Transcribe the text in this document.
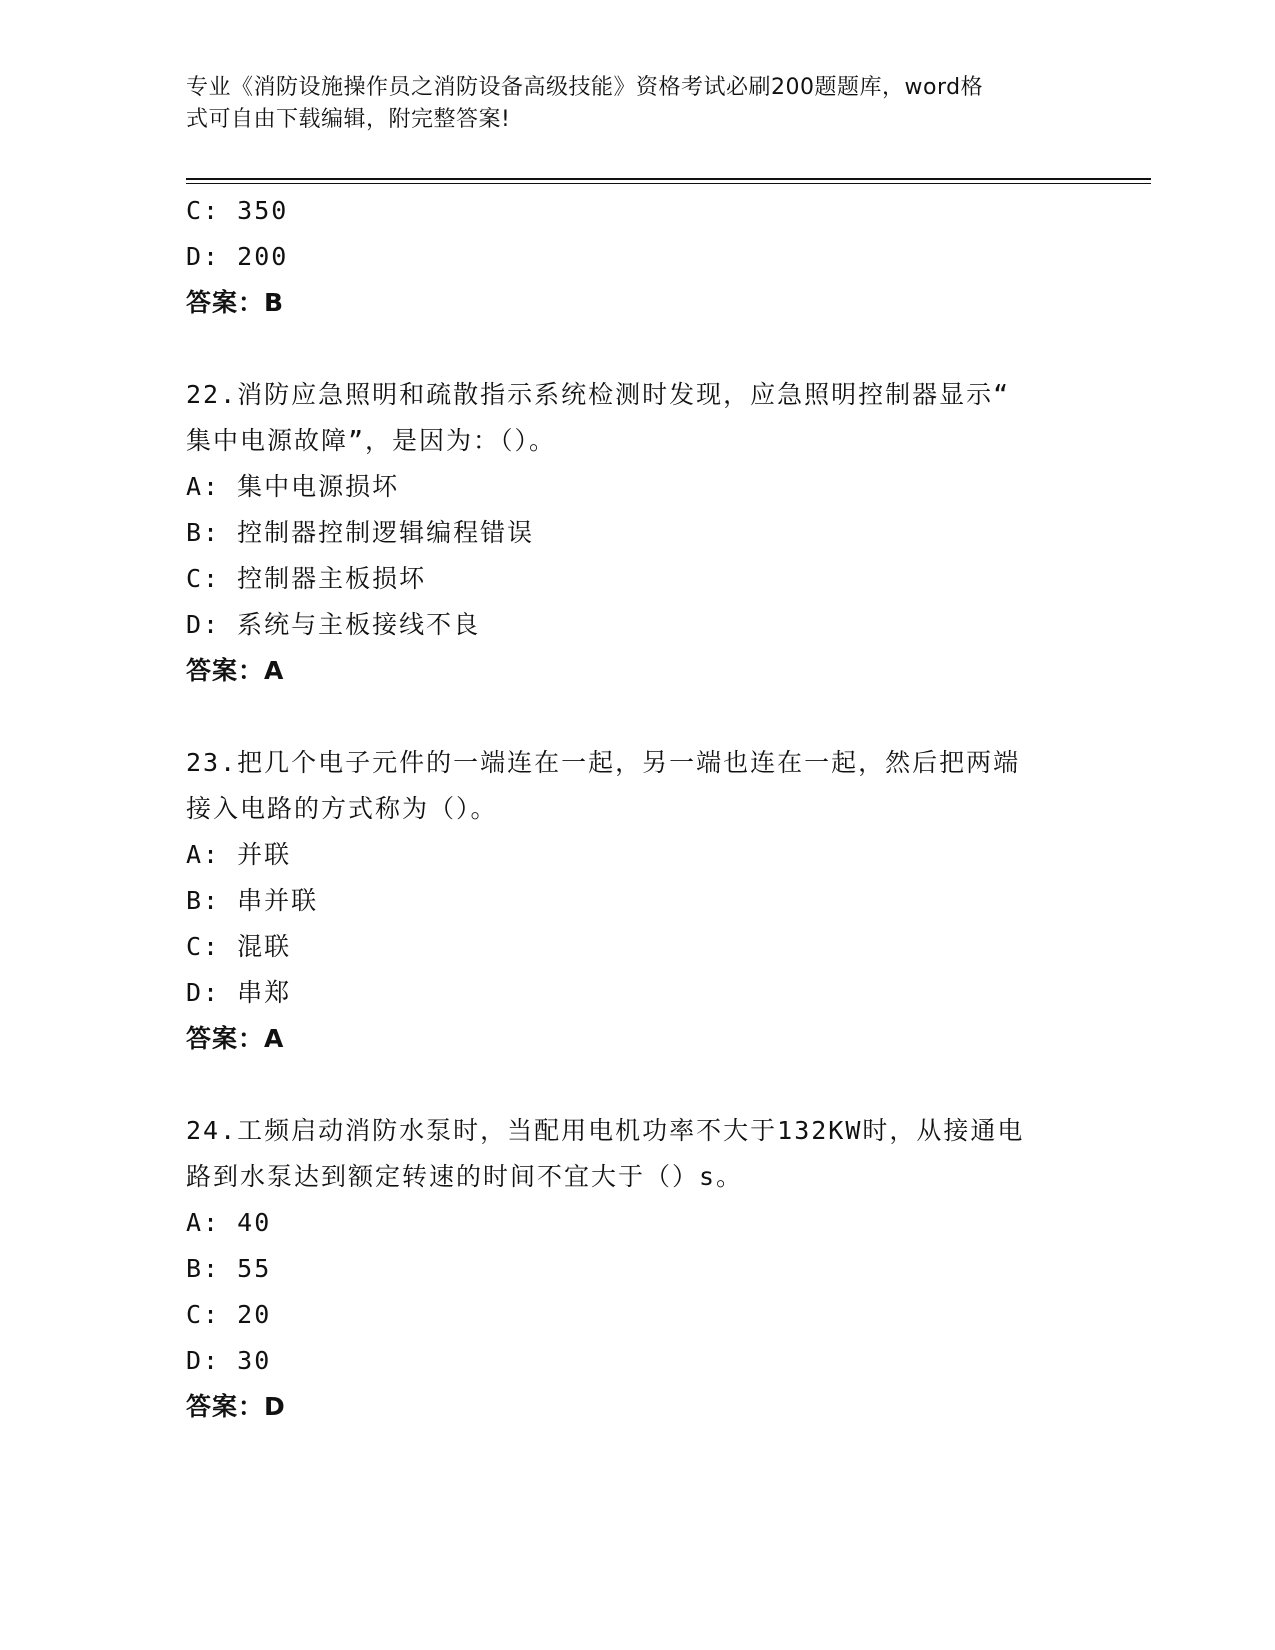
专业《消防设施操作员之消防设备高级技能》资格考试必刷200题题库，word格
式可自由下载编辑，附完整答案!
C: 350
D: 200
答案：B
22.消防应急照明和疏散指示系统检测时发现，应急照明控制器显示“
集中电源故障”，是因为：（）。
A: 集中电源损坏
B: 控制器控制逻辑编程错误
C: 控制器主板损坏
D: 系统与主板接线不良
答案：A
23.把几个电子元件的一端连在一起，另一端也连在一起，然后把两端
接入电路的方式称为（）。
A: 并联
B: 串并联
C: 混联
D: 串郑
答案：A
24.工频启动消防水泵时，当配用电机功率不大于132KW时，从接通电
路到水泵达到额定转速的时间不宜大于（）s。
A: 40
B: 55
C: 20
D: 30
答案：D
